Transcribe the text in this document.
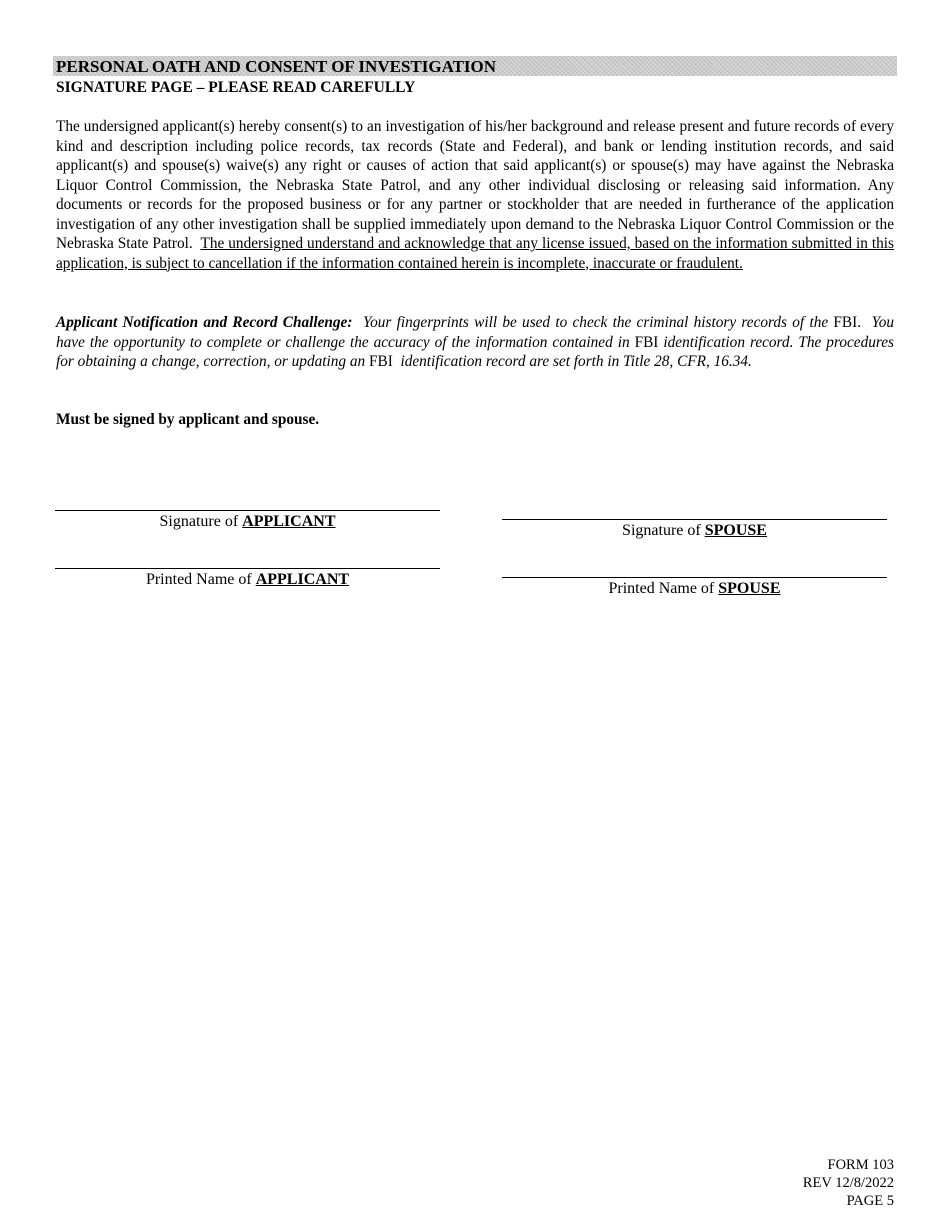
PERSONAL OATH AND CONSENT OF INVESTIGATION
SIGNATURE PAGE – PLEASE READ CAREFULLY

The undersigned applicant(s) hereby consent(s) to an investigation of his/her background and release present and future records of every kind and description including police records, tax records (State and Federal), and bank or lending institution records, and said applicant(s) and spouse(s) waive(s) any right or causes of action that said applicant(s) or spouse(s) may have against the Nebraska Liquor Control Commission, the Nebraska State Patrol, and any other individual disclosing or releasing said information. Any documents or records for the proposed business or for any partner or stockholder that are needed in furtherance of the application investigation of any other investigation shall be supplied immediately upon demand to the Nebraska Liquor Control Commission or the Nebraska State Patrol. The undersigned understand and acknowledge that any license issued, based on the information submitted in this application, is subject to cancellation if the information contained herein is incomplete, inaccurate or fraudulent.

Applicant Notification and Record Challenge: Your fingerprints will be used to check the criminal history records of the FBI. You have the opportunity to complete or challenge the accuracy of the information contained in FBI identification record. The procedures for obtaining a change, correction, or updating an FBI identification record are set forth in Title 28, CFR, 16.34.

Must be signed by applicant and spouse.

Signature of APPLICANT
Signature of SPOUSE
Printed Name of APPLICANT
Printed Name of SPOUSE
FORM 103
REV 12/8/2022
PAGE 5
